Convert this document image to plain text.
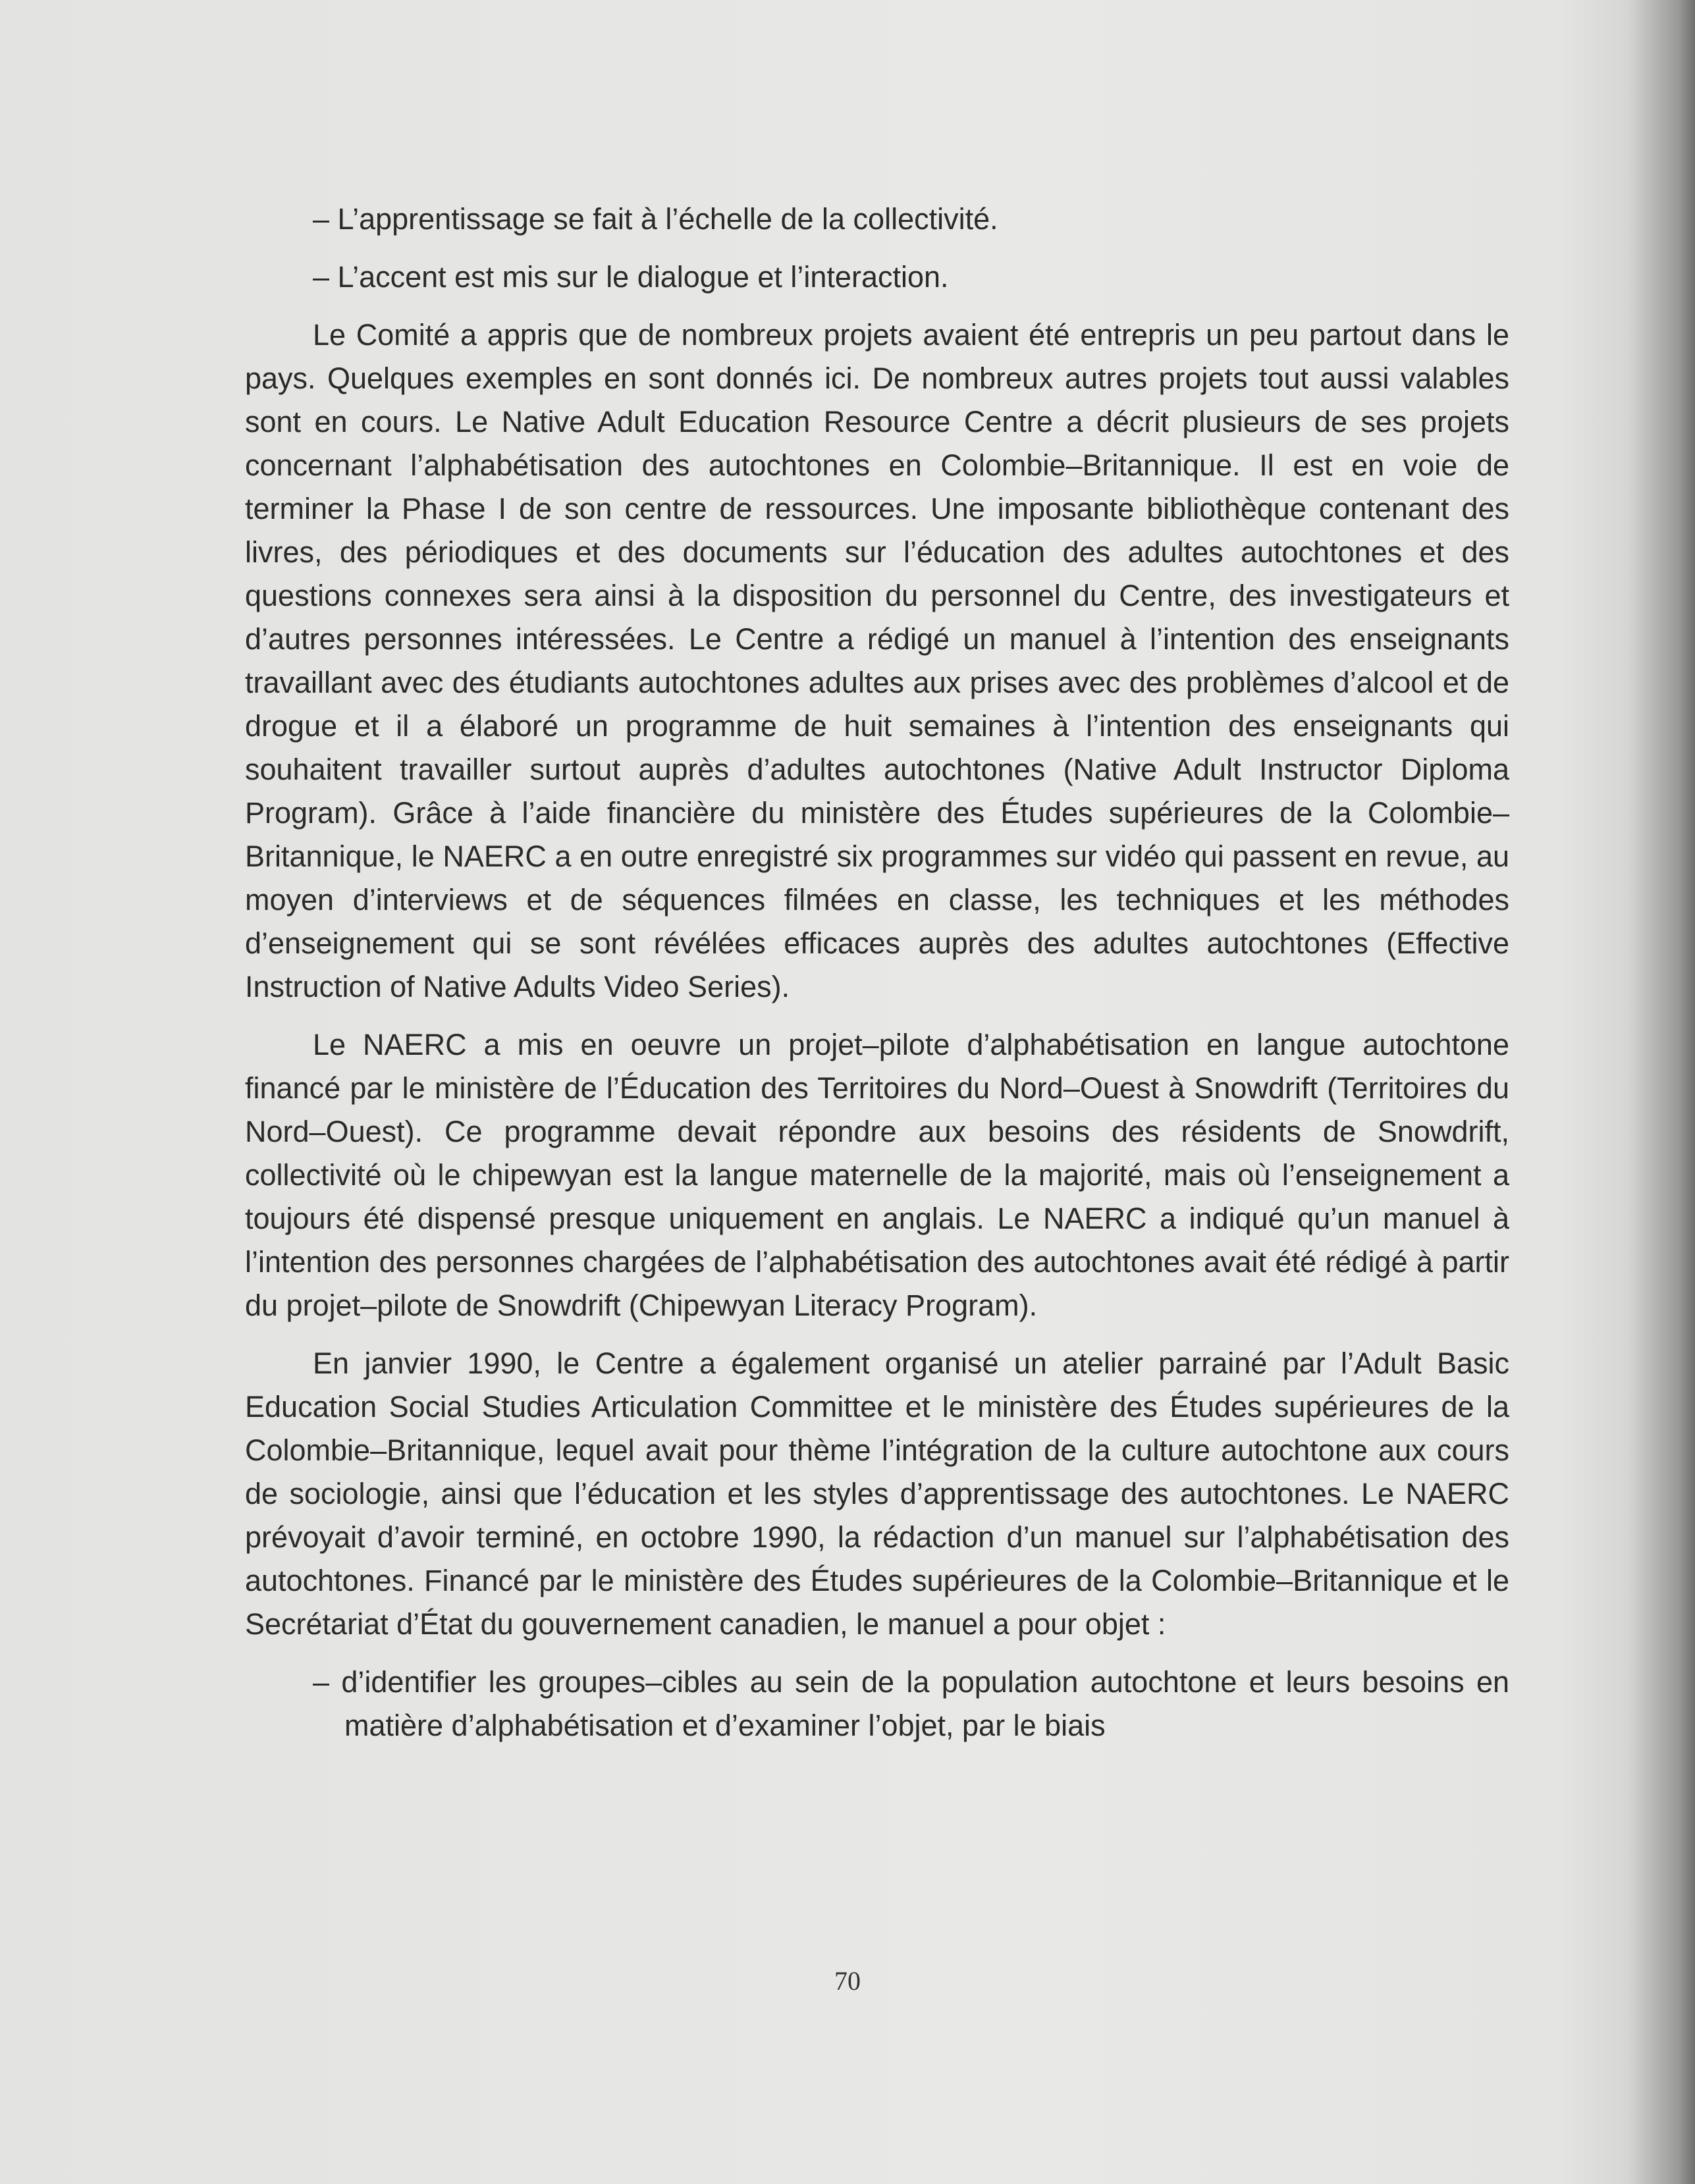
– L’apprentissage se fait à l’échelle de la collectivité.

– L’accent est mis sur le dialogue et l’interaction.

Le Comité a appris que de nombreux projets avaient été entrepris un peu partout dans le pays. Quelques exemples en sont donnés ici. De nombreux autres projets tout aussi valables sont en cours. Le Native Adult Education Resource Centre a décrit plusieurs de ses projets concernant l’alphabétisation des autochtones en Colombie–Britannique. Il est en voie de terminer la Phase I de son centre de ressources. Une imposante bibliothèque contenant des livres, des périodiques et des documents sur l’éducation des adultes autochtones et des questions connexes sera ainsi à la disposition du personnel du Centre, des investigateurs et d’autres personnes intéressées. Le Centre a rédigé un manuel à l’intention des enseignants travaillant avec des étudiants autochtones adultes aux prises avec des problèmes d’alcool et de drogue et il a élaboré un programme de huit semaines à l’intention des enseignants qui souhaitent travailler surtout auprès d’adultes autochtones (Native Adult Instructor Diploma Program). Grâce à l’aide financière du ministère des Études supérieures de la Colombie–Britannique, le NAERC a en outre enregistré six programmes sur vidéo qui passent en revue, au moyen d’interviews et de séquences filmées en classe, les techniques et les méthodes d’enseignement qui se sont révélées efficaces auprès des adultes autochtones (Effective Instruction of Native Adults Video Series).

Le NAERC a mis en oeuvre un projet–pilote d’alphabétisation en langue autochtone financé par le ministère de l’Éducation des Territoires du Nord–Ouest à Snowdrift (Territoires du Nord–Ouest). Ce programme devait répondre aux besoins des résidents de Snowdrift, collectivité où le chipewyan est la langue maternelle de la majorité, mais où l’enseignement a toujours été dispensé presque uniquement en anglais. Le NAERC a indiqué qu’un manuel à l’intention des personnes chargées de l’alphabétisation des autochtones avait été rédigé à partir du projet–pilote de Snowdrift (Chipewyan Literacy Program).

En janvier 1990, le Centre a également organisé un atelier parrainé par l’Adult Basic Education Social Studies Articulation Committee et le ministère des Études supérieures de la Colombie–Britannique, lequel avait pour thème l’intégration de la culture autochtone aux cours de sociologie, ainsi que l’éducation et les styles d’apprentissage des autochtones. Le NAERC prévoyait d’avoir terminé, en octobre 1990, la rédaction d’un manuel sur l’alphabétisation des autochtones. Financé par le ministère des Études supérieures de la Colombie–Britannique et le Secrétariat d’État du gouvernement canadien, le manuel a pour objet :

– d’identifier les groupes–cibles au sein de la population autochtone et leurs besoins en matière d’alphabétisation et d’examiner l’objet, par le biais

70
